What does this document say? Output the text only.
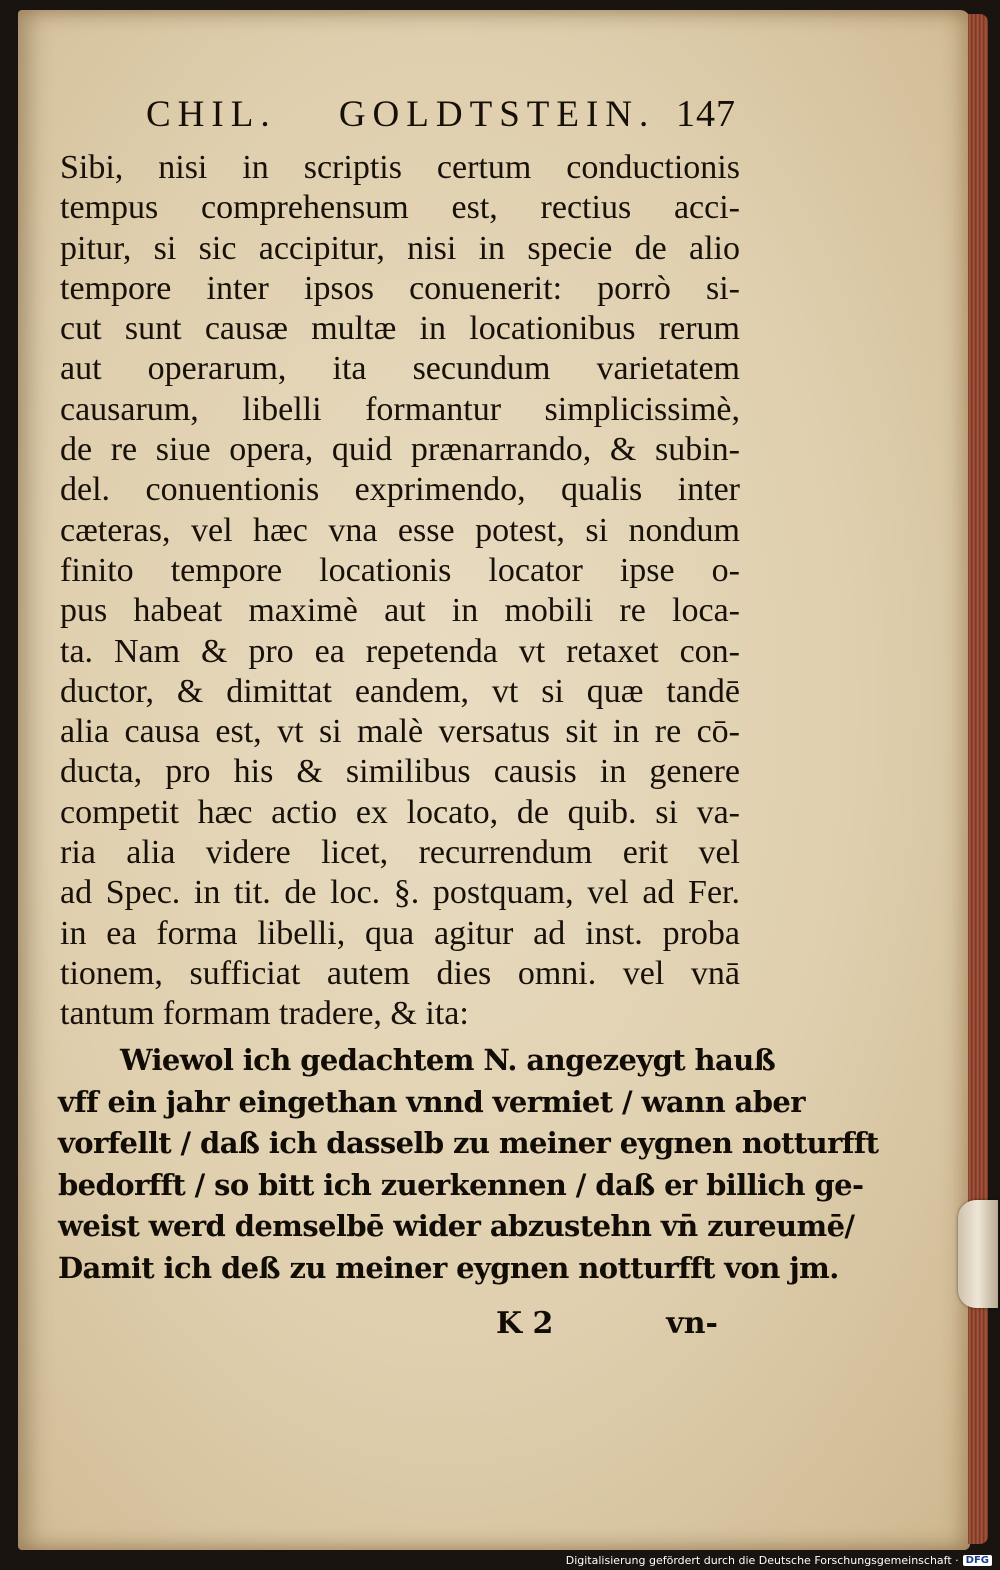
CHIL. GOLDTSTEIN. 147
Sibi, nisi in scriptis certum conductionis
tempus comprehensum est, rectius acci-
pitur, si sic accipitur, nisi in specie de alio
tempore inter ipsos conuenerit: porrò si-
cut sunt causæ multæ in locationibus rerum
aut operarum, ita secundum varietatem
causarum, libelli formantur simplicissimè,
de re siue opera, quid prænarrando, & subin-
del. conuentionis exprimendo, qualis inter
cæteras, vel hæc vna esse potest, si nondum
finito tempore locationis locator ipse o-
pus habeat maximè aut in mobili re loca-
ta. Nam & pro ea repetenda vt retaxet con-
ductor, & dimittat eandem, vt si quæ tandē
alia causa est, vt si malè versatus sit in re cō-
ducta, pro his & similibus causis in genere
competit hæc actio ex locato, de quib. si va-
ria alia videre licet, recurrendum erit vel
ad Spec. in tit. de loc. §. postquam, vel ad Fer.
in ea forma libelli, qua agitur ad inst. proba
tionem, sufficiat autem dies omni. vel vnā
tantum formam tradere, & ita:
Wiewol ich gedachtem N. angezeygt hauß
vff ein jahr eingethan vnnd vermiet / wann aber
vorfellt / daß ich dasselb zu meiner eygnen notturfft
bedorfft / so bitt ich zuerkennen / daß er billich ge-
weist werd demselbē wider abzustehn vn̄ zureumē/
Damit ich deß zu meiner eygnen notturfft von jm.
K 2	vn-
Digitalisierung gefördert durch die Deutsche Forschungsgemeinschaft · DFG
